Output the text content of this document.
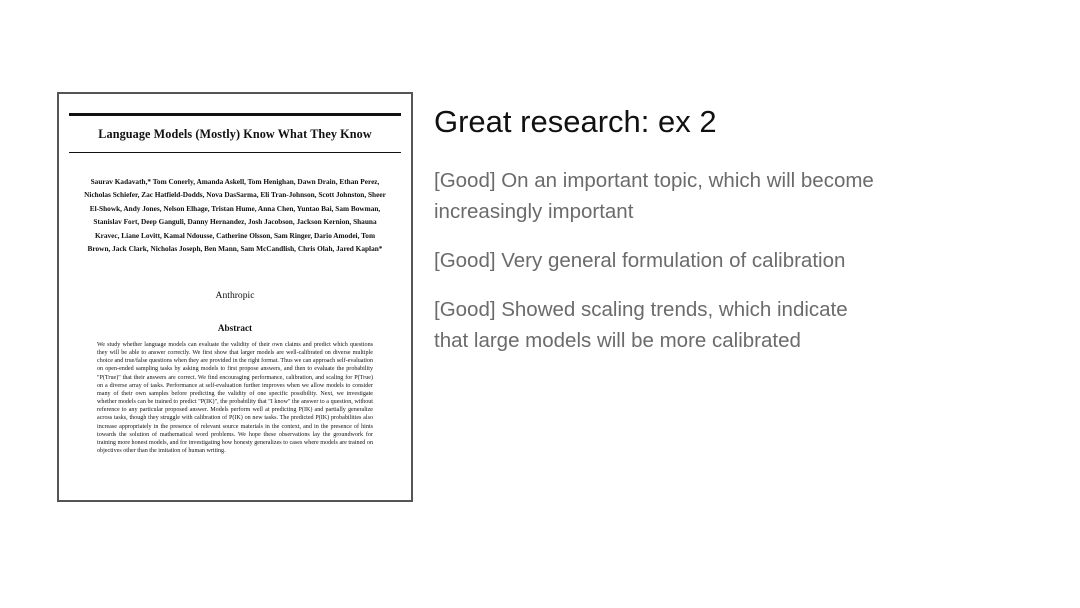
Language Models (Mostly) Know What They Know
Saurav Kadavath,* Tom Conerly, Amanda Askell, Tom Henighan, Dawn Drain, Ethan Perez, Nicholas Schiefer, Zac Hatfield-Dodds, Nova DasSarma, Eli Tran-Johnson, Scott Johnston, Sheer El-Showk, Andy Jones, Nelson Elhage, Tristan Hume, Anna Chen, Yuntao Bai, Sam Bowman, Stanislav Fort, Deep Ganguli, Danny Hernandez, Josh Jacobson, Jackson Kernion, Shauna Kravec, Liane Lovitt, Kamal Ndousse, Catherine Olsson, Sam Ringer, Dario Amodei, Tom Brown, Jack Clark, Nicholas Joseph, Ben Mann, Sam McCandlish, Chris Olah, Jared Kaplan*
Anthropic
Abstract
We study whether language models can evaluate the validity of their own claims and predict which questions they will be able to answer correctly. We first show that larger models are well-calibrated on diverse multiple choice and true/false questions when they are provided in the right format. Thus we can approach self-evaluation on open-ended sampling tasks by asking models to first propose answers, and then to evaluate the probability "P(True)" that their answers are correct. We find encouraging performance, calibration, and scaling for P(True) on a diverse array of tasks. Performance at self-evaluation further improves when we allow models to consider many of their own samples before predicting the validity of one specific possibility. Next, we investigate whether models can be trained to predict "P(IK)", the probability that "I know" the answer to a question, without reference to any particular proposed answer. Models perform well at predicting P(IK) and partially generalize across tasks, though they struggle with calibration of P(IK) on new tasks. The predicted P(IK) probabilities also increase appropriately in the presence of relevant source materials in the context, and in the presence of hints towards the solution of mathematical word problems. We hope these observations lay the groundwork for training more honest models, and for investigating how honesty generalizes to cases where models are trained on objectives other than the imitation of human writing.
Great research: ex 2

[Good] On an important topic, which will become increasingly important

[Good] Very general formulation of calibration

[Good] Showed scaling trends, which indicate that large models will be more calibrated
